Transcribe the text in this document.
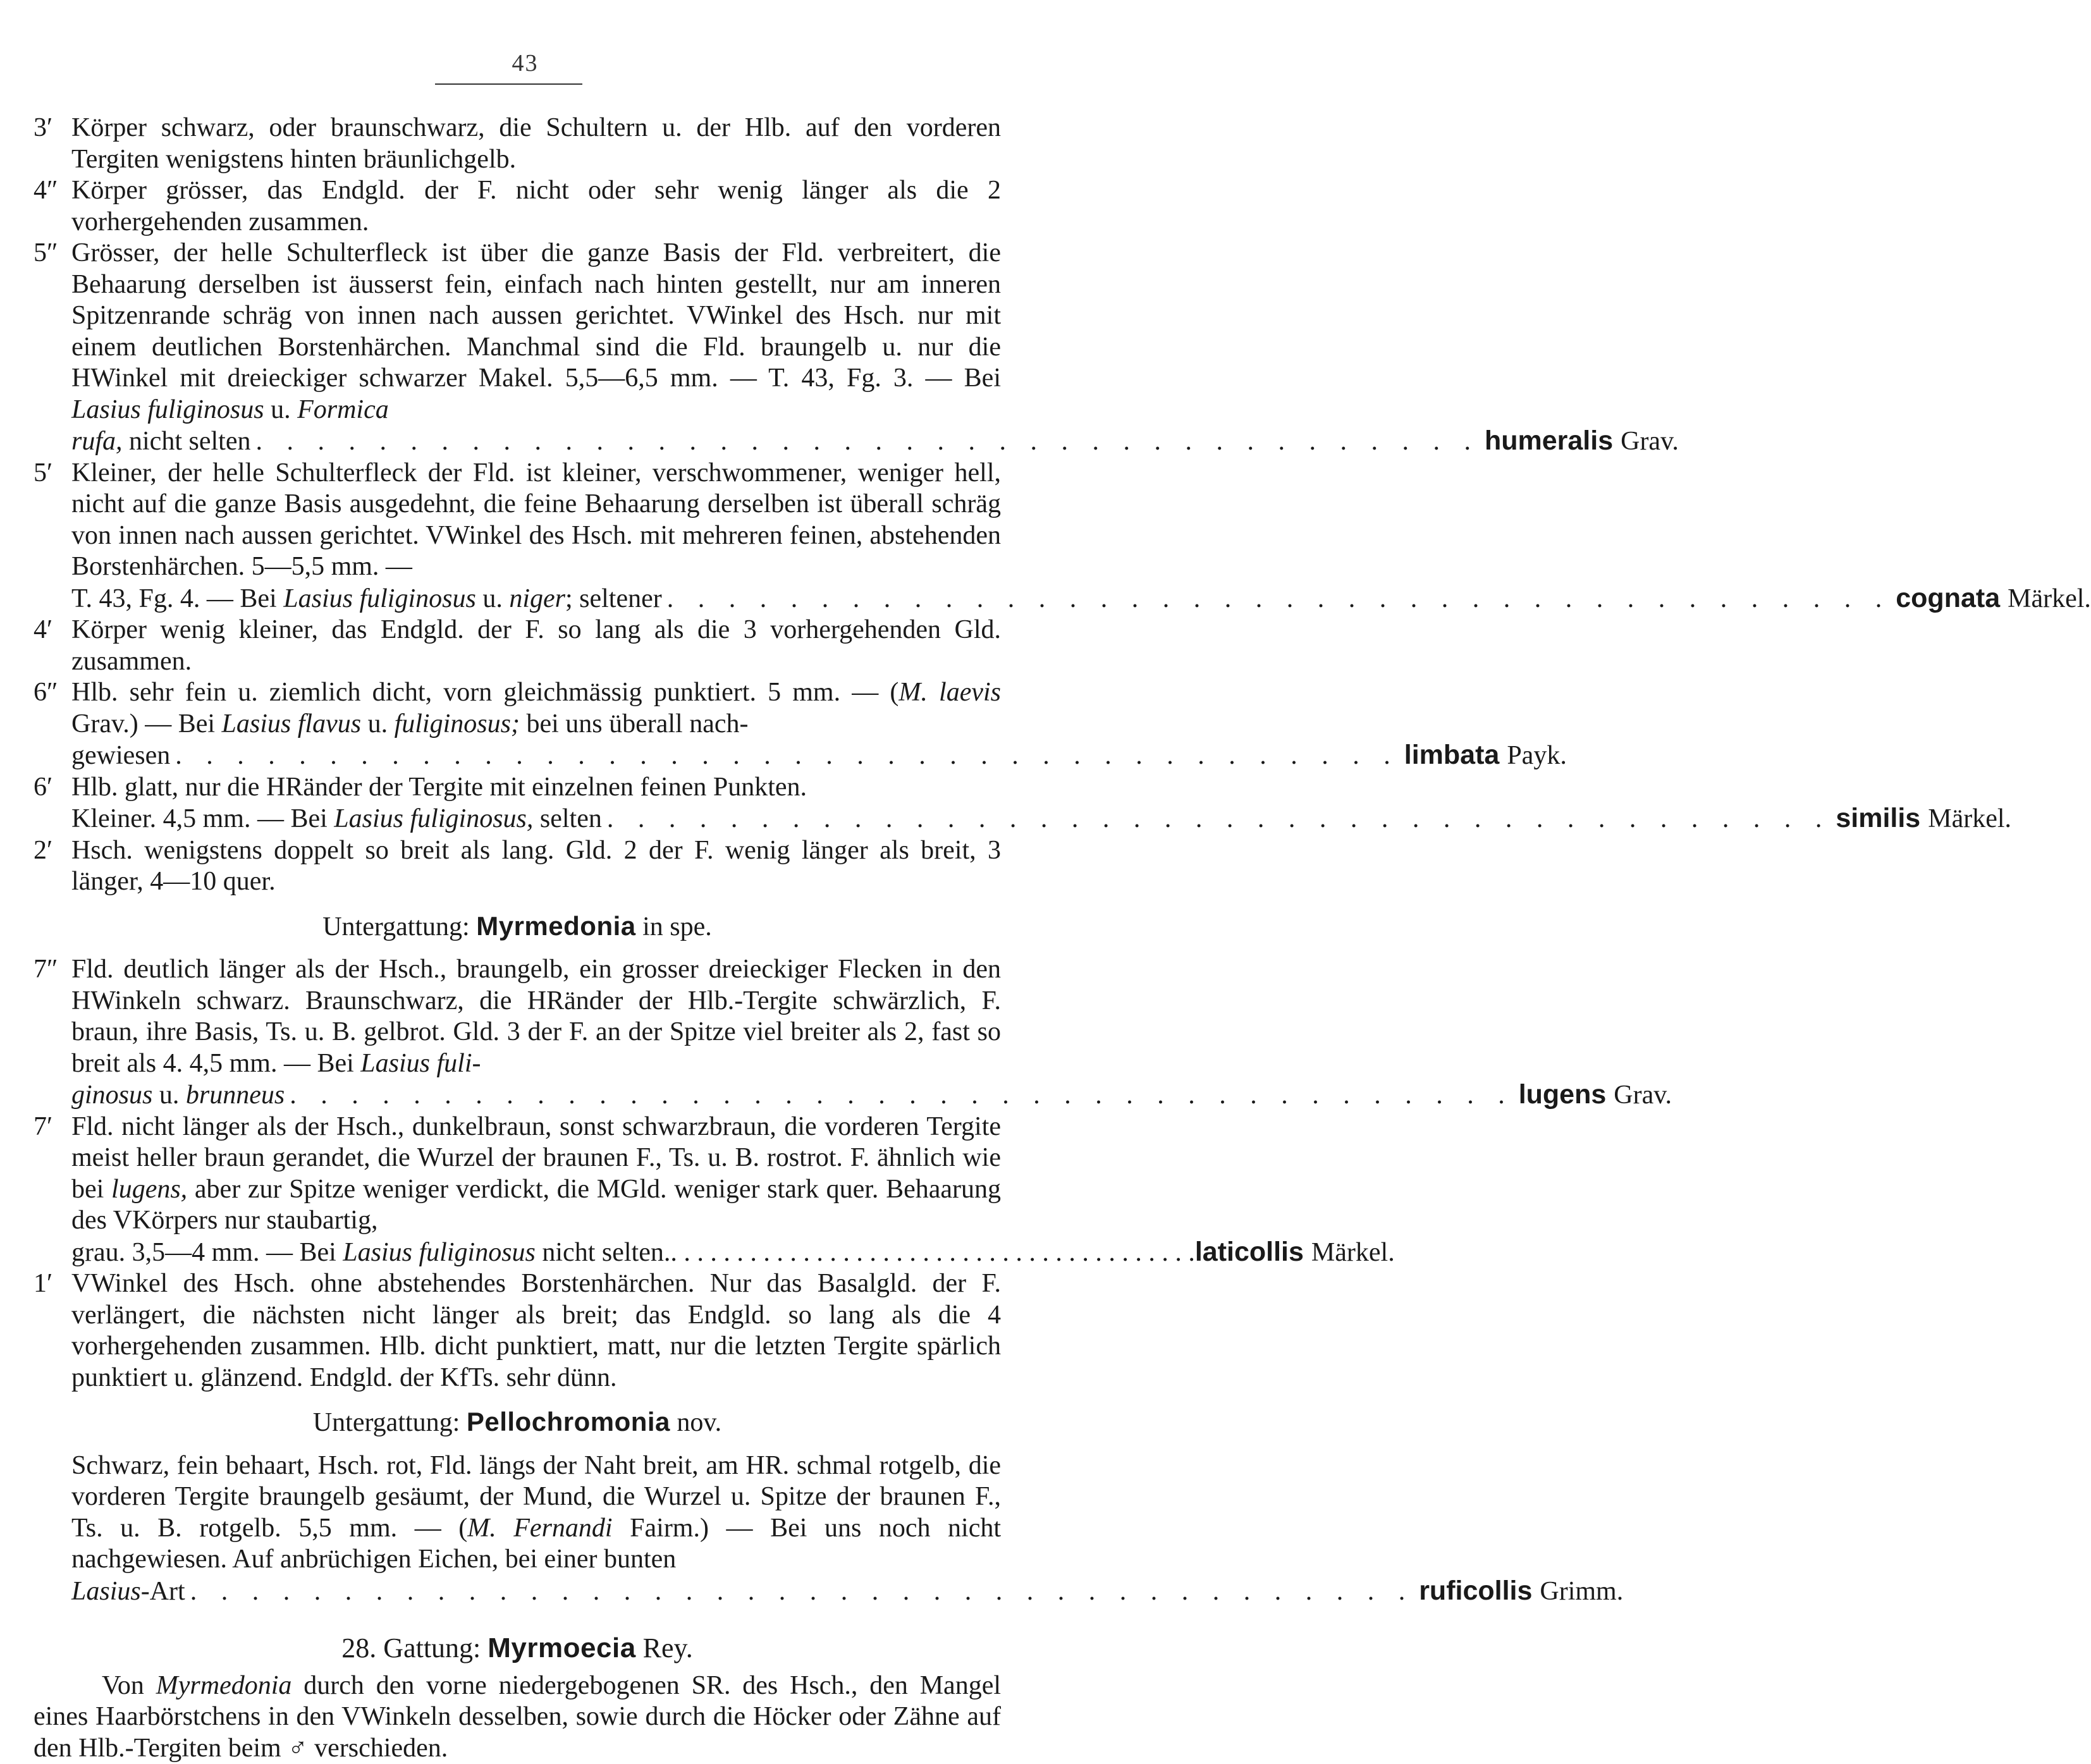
43
3′ Körper schwarz, oder braunschwarz, die Schultern u. der Hlb. auf den vorderen Tergiten wenigstens hinten bräunlichgelb.
4″ Körper grösser, das Endgld. der F. nicht oder sehr wenig länger als die 2 vorhergehenden zusammen.
5″ Grösser, der helle Schulterfleck ist über die ganze Basis der Fld. verbreitert, die Behaarung derselben ist äusserst fein, einfach nach hinten gestellt, nur am inneren Spitzenrande schräg von innen nach aussen gerichtet. VWinkel des Hsch. nur mit einem deutlichen Borstenhärchen. Manchmal sind die Fld. braungelb u. nur die HWinkel mit dreieckiger schwarzer Makel. 5,5—6,5 mm. — T. 43, Fg. 3. — Bei Lasius fuliginosus u. Formica
rufa, nicht selten . . . . . . . . . . . . . . . . . . . . . . . . . . . . . . . . . . . . . . . . humeralis Grav.
5′ Kleiner, der helle Schulterfleck der Fld. ist kleiner, verschwommener, weniger hell, nicht auf die ganze Basis ausgedehnt, die feine Behaarung derselben ist überall schräg von innen nach aussen gerichtet. VWinkel des Hsch. mit mehreren feinen, abstehenden Borstenhärchen. 5—5,5 mm. —
T. 43, Fg. 4. — Bei Lasius fuliginosus u. niger; seltener . . . . . . . . . . . . . . . . . . . . . . . . . . . . . . . . . . . . . . . . cognata Märkel.
4′ Körper wenig kleiner, das Endgld. der F. so lang als die 3 vorhergehenden Gld. zusammen.
6″ Hlb. sehr fein u. ziemlich dicht, vorn gleichmässig punktiert. 5 mm. — (M. laevis Grav.) — Bei Lasius flavus u. fuliginosus; bei uns überall nach-
gewiesen . . . . . . . . . . . . . . . . . . . . . . . . . . . . . . . . . . . . . . . . limbata Payk.
6′ Hlb. glatt, nur die HRänder der Tergite mit einzelnen feinen Punkten.
Kleiner. 4,5 mm. — Bei Lasius fuliginosus, selten . . . . . . . . . . . . . . . . . . . . . . . . . . . . . . . . . . . . . . . . similis Märkel.
2′ Hsch. wenigstens doppelt so breit als lang. Gld. 2 der F. wenig länger als breit, 3 länger, 4—10 quer.
Untergattung: Myrmedonia in spe.
7″ Fld. deutlich länger als der Hsch., braungelb, ein grosser dreieckiger Flecken in den HWinkeln schwarz. Braunschwarz, die HRänder der Hlb.-Tergite schwärzlich, F. braun, ihre Basis, Ts. u. B. gelbrot. Gld. 3 der F. an der Spitze viel breiter als 2, fast so breit als 4. 4,5 mm. — Bei Lasius fuli-
ginosus u. brunneus . . . . . . . . . . . . . . . . . . . . . . . . . . . . . . . . . . . . . . . . lugens Grav.
7′ Fld. nicht länger als der Hsch., dunkelbraun, sonst schwarzbraun, die vorderen Tergite meist heller braun gerandet, die Wurzel der braunen F., Ts. u. B. rostrot. F. ähnlich wie bei lugens, aber zur Spitze weniger verdickt, die MGld. weniger stark quer. Behaarung des VKörpers nur staubartig,
grau. 3,5—4 mm. — Bei Lasius fuliginosus nicht selten. . . . . . . . . . . . . . . . . . . . . . . . . . . . . . . . . . . . . . . . . laticollis Märkel.
1′ VWinkel des Hsch. ohne abstehendes Borstenhärchen. Nur das Basalgld. der F. verlängert, die nächsten nicht länger als breit; das Endgld. so lang als die 4 vorhergehenden zusammen. Hlb. dicht punktiert, matt, nur die letzten Tergite spärlich punktiert u. glänzend. Endgld. der KfTs. sehr dünn.
Untergattung: Pellochromonia nov.
Schwarz, fein behaart, Hsch. rot, Fld. längs der Naht breit, am HR. schmal rotgelb, die vorderen Tergite braungelb gesäumt, der Mund, die Wurzel u. Spitze der braunen F., Ts. u. B. rotgelb. 5,5 mm. — (M. Fernandi Fairm.) — Bei uns noch nicht nachgewiesen. Auf anbrüchigen Eichen, bei einer bunten
Lasius-Art . . . . . . . . . . . . . . . . . . . . . . . . . . . . . . . . . . . . . . . . ruficollis Grimm.
28. Gattung: Myrmoecia Rey.
Von Myrmedonia durch den vorne niedergebogenen SR. des Hsch., den Mangel eines Haarbörstchens in den VWinkeln desselben, sowie durch die Höcker oder Zähne auf den Hlb.-Tergiten beim ♂ verschieden.
